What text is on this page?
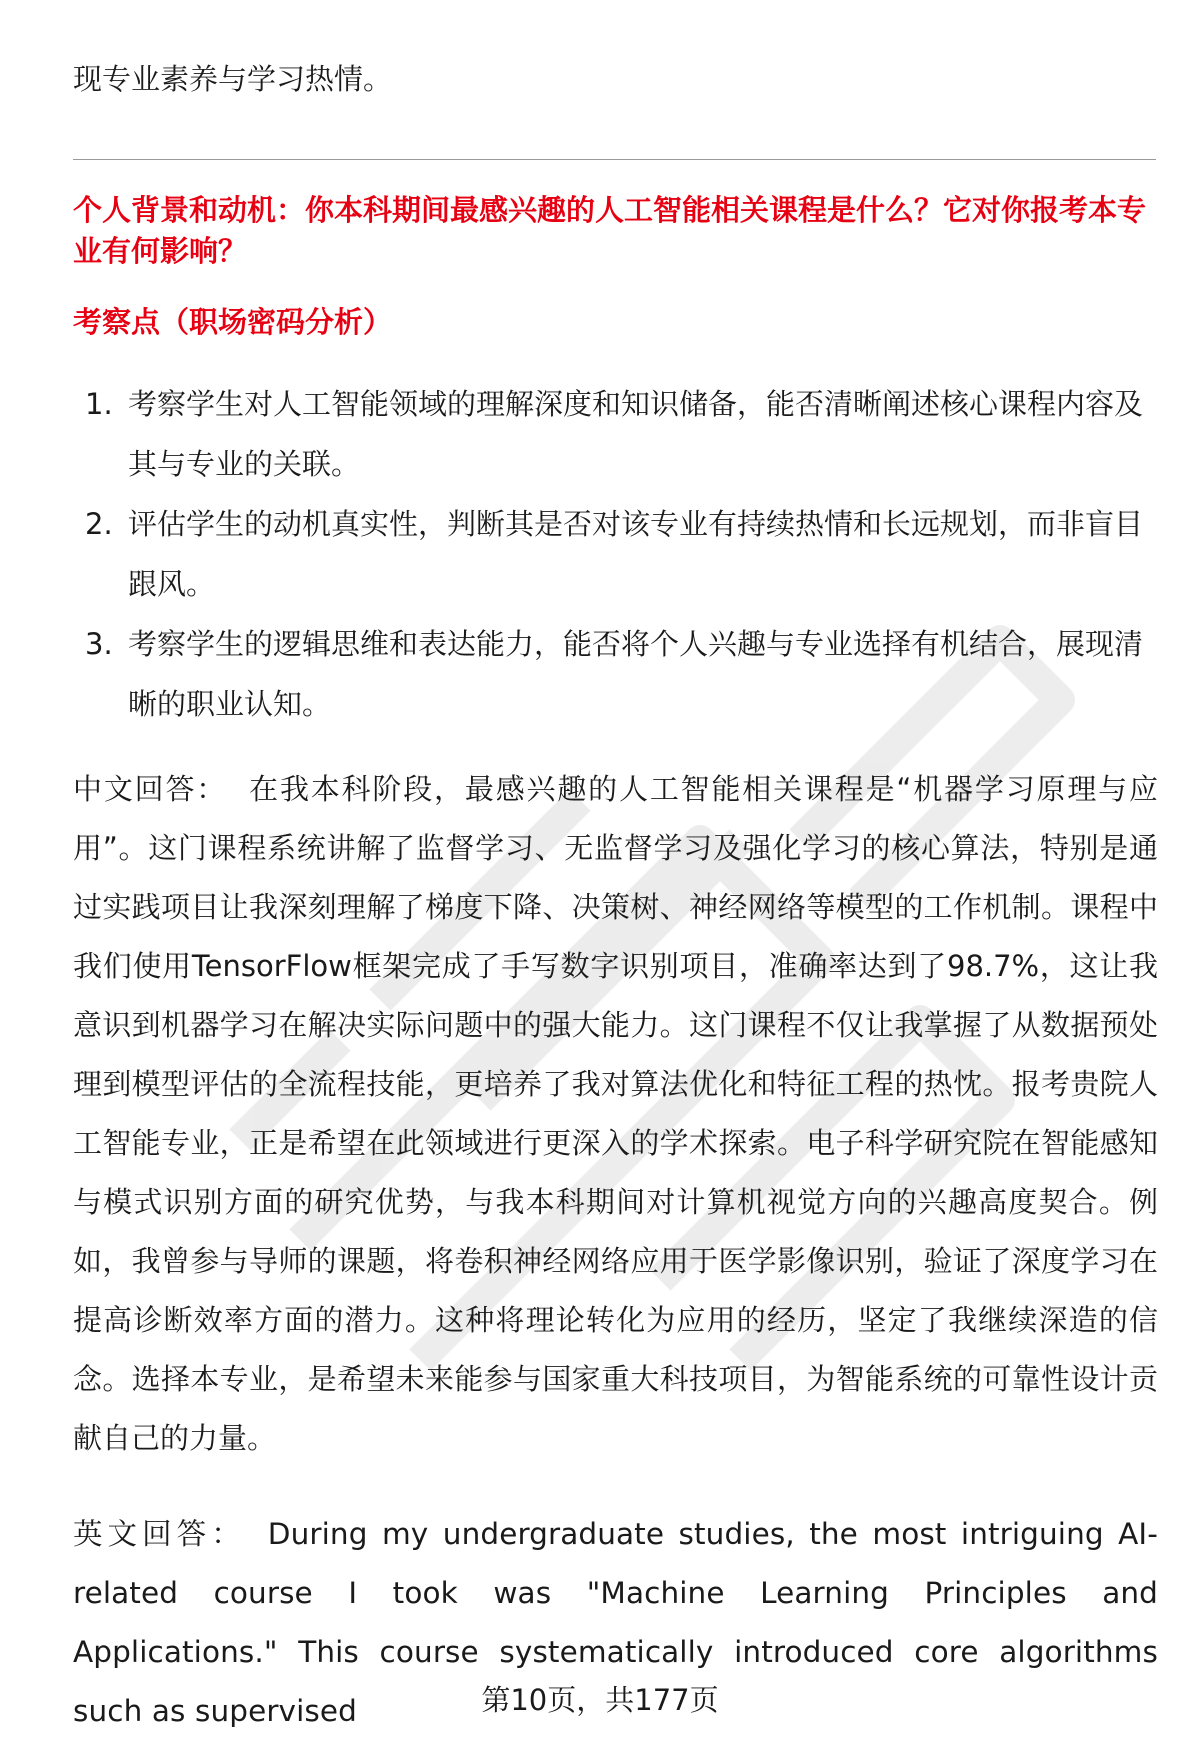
现专业素养与学习热情。

个人背景和动机：你本科期间最感兴趣的人工智能相关课程是什么？它对你报考本专业有何影响？

考察点（职场密码分析）

1. 考察学生对人工智能领域的理解深度和知识储备，能否清晰阐述核心课程内容及其与专业的关联。
2. 评估学生的动机真实性，判断其是否对该专业有持续热情和长远规划，而非盲目跟风。
3. 考察学生的逻辑思维和表达能力，能否将个人兴趣与专业选择有机结合，展现清晰的职业认知。

中文回答： 在我本科阶段，最感兴趣的人工智能相关课程是“机器学习原理与应用”。这门课程系统讲解了监督学习、无监督学习及强化学习的核心算法，特别是通过实践项目让我深刻理解了梯度下降、决策树、神经网络等模型的工作机制。课程中我们使用TensorFlow框架完成了手写数字识别项目，准确率达到了98.7%，这让我意识到机器学习在解决实际问题中的强大能力。这门课程不仅让我掌握了从数据预处理到模型评估的全流程技能，更培养了我对算法优化和特征工程的热忱。报考贵院人工智能专业，正是希望在此领域进行更深入的学术探索。电子科学研究院在智能感知与模式识别方面的研究优势，与我本科期间对计算机视觉方向的兴趣高度契合。例如，我曾参与导师的课题，将卷积神经网络应用于医学影像识别，验证了深度学习在提高诊断效率方面的潜力。这种将理论转化为应用的经历，坚定了我继续深造的信念。选择本专业，是希望未来能参与国家重大科技项目，为智能系统的可靠性设计贡献自己的力量。

英文回答： During my undergraduate studies, the most intriguing AI-related course I took was "Machine Learning Principles and Applications." This course systematically introduced core algorithms such as supervised	第10页，共177页
